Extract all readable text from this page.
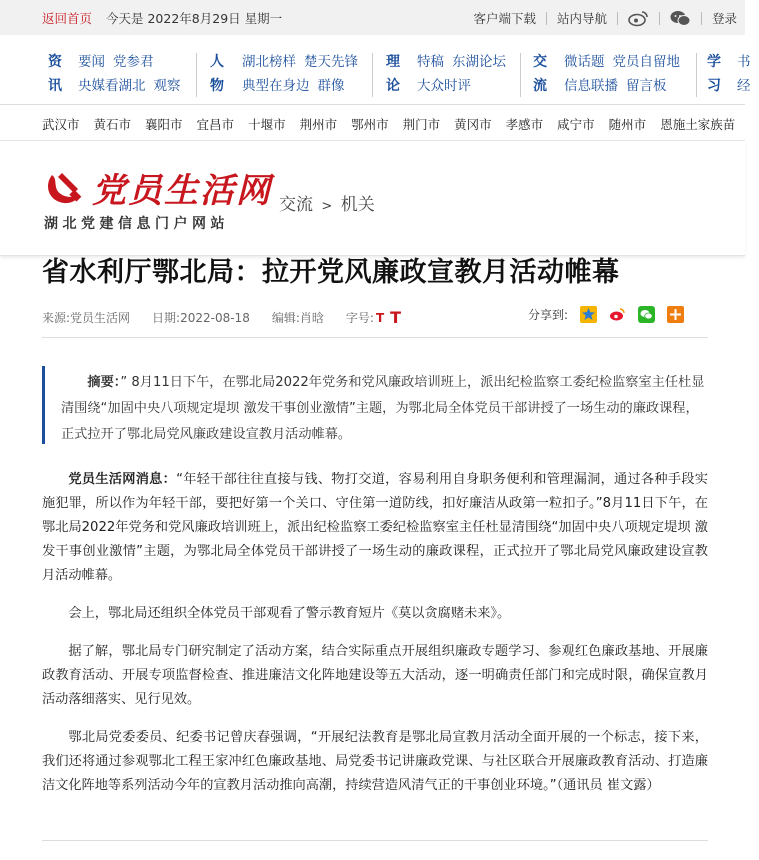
返回首页 今天是 2022年8月29日 星期一	客户端下载 站内导航	登录
资
讯
要闻 党参君
央媒看湖北 观察
人
物
湖北榜样 楚天先锋
典型在身边 群像
理
论
特稿 东湖论坛
大众时评
交
流
微话题 党员自留地
信息联播 留言板
学
习
书
经
武汉市 黄石市 襄阳市 宜昌市 十堰市 荆州市 鄂州市 荆门市 黄冈市 孝感市 咸宁市 随州市 恩施土家族苗
党员生活网
湖北党建信息门户网站
交流 > 机关
省水利厅鄂北局：拉开党风廉政宣教月活动帷幕
来源:党员生活网 日期:2022-08-18 编辑:肖晗 字号: T T	分享到:

摘要：” 8月11日下午，在鄂北局2022年党务和党风廉政培训班上，派出纪检监察工委纪检监察室主任杜显清围绕“加固中央八项规定堤坝 激发干事创业激情”主题，为鄂北局全体党员干部讲授了一场生动的廉政课程，正式拉开了鄂北局党风廉政建设宣教月活动帷幕。

党员生活网消息：“年轻干部往往直接与钱、物打交道，容易利用自身职务便利和管理漏洞，通过各种手段实施犯罪，所以作为年轻干部，要把好第一个关口、守住第一道防线，扣好廉洁从政第一粒扣子。”8月11日下午，在鄂北局2022年党务和党风廉政培训班上，派出纪检监察工委纪检监察室主任杜显清围绕“加固中央八项规定堤坝 激发干事创业激情”主题，为鄂北局全体党员干部讲授了一场生动的廉政课程，正式拉开了鄂北局党风廉政建设宣教月活动帷幕。

会上，鄂北局还组织全体党员干部观看了警示教育短片《莫以贪腐赌未来》。

据了解，鄂北局专门研究制定了活动方案，结合实际重点开展组织廉政专题学习、参观红色廉政基地、开展廉政教育活动、开展专项监督检查、推进廉洁文化阵地建设等五大活动，逐一明确责任部门和完成时限，确保宣教月活动落细落实、见行见效。

鄂北局党委委员、纪委书记曾庆春强调，“开展纪法教育是鄂北局宣教月活动全面开展的一个标志，接下来，我们还将通过参观鄂北工程王家冲红色廉政基地、局党委书记讲廉政党课、与社区联合开展廉政教育活动、打造廉洁文化阵地等系列活动今年的宣教月活动推向高潮，持续营造风清气正的干事创业环境。”（通讯员 崔文露）
